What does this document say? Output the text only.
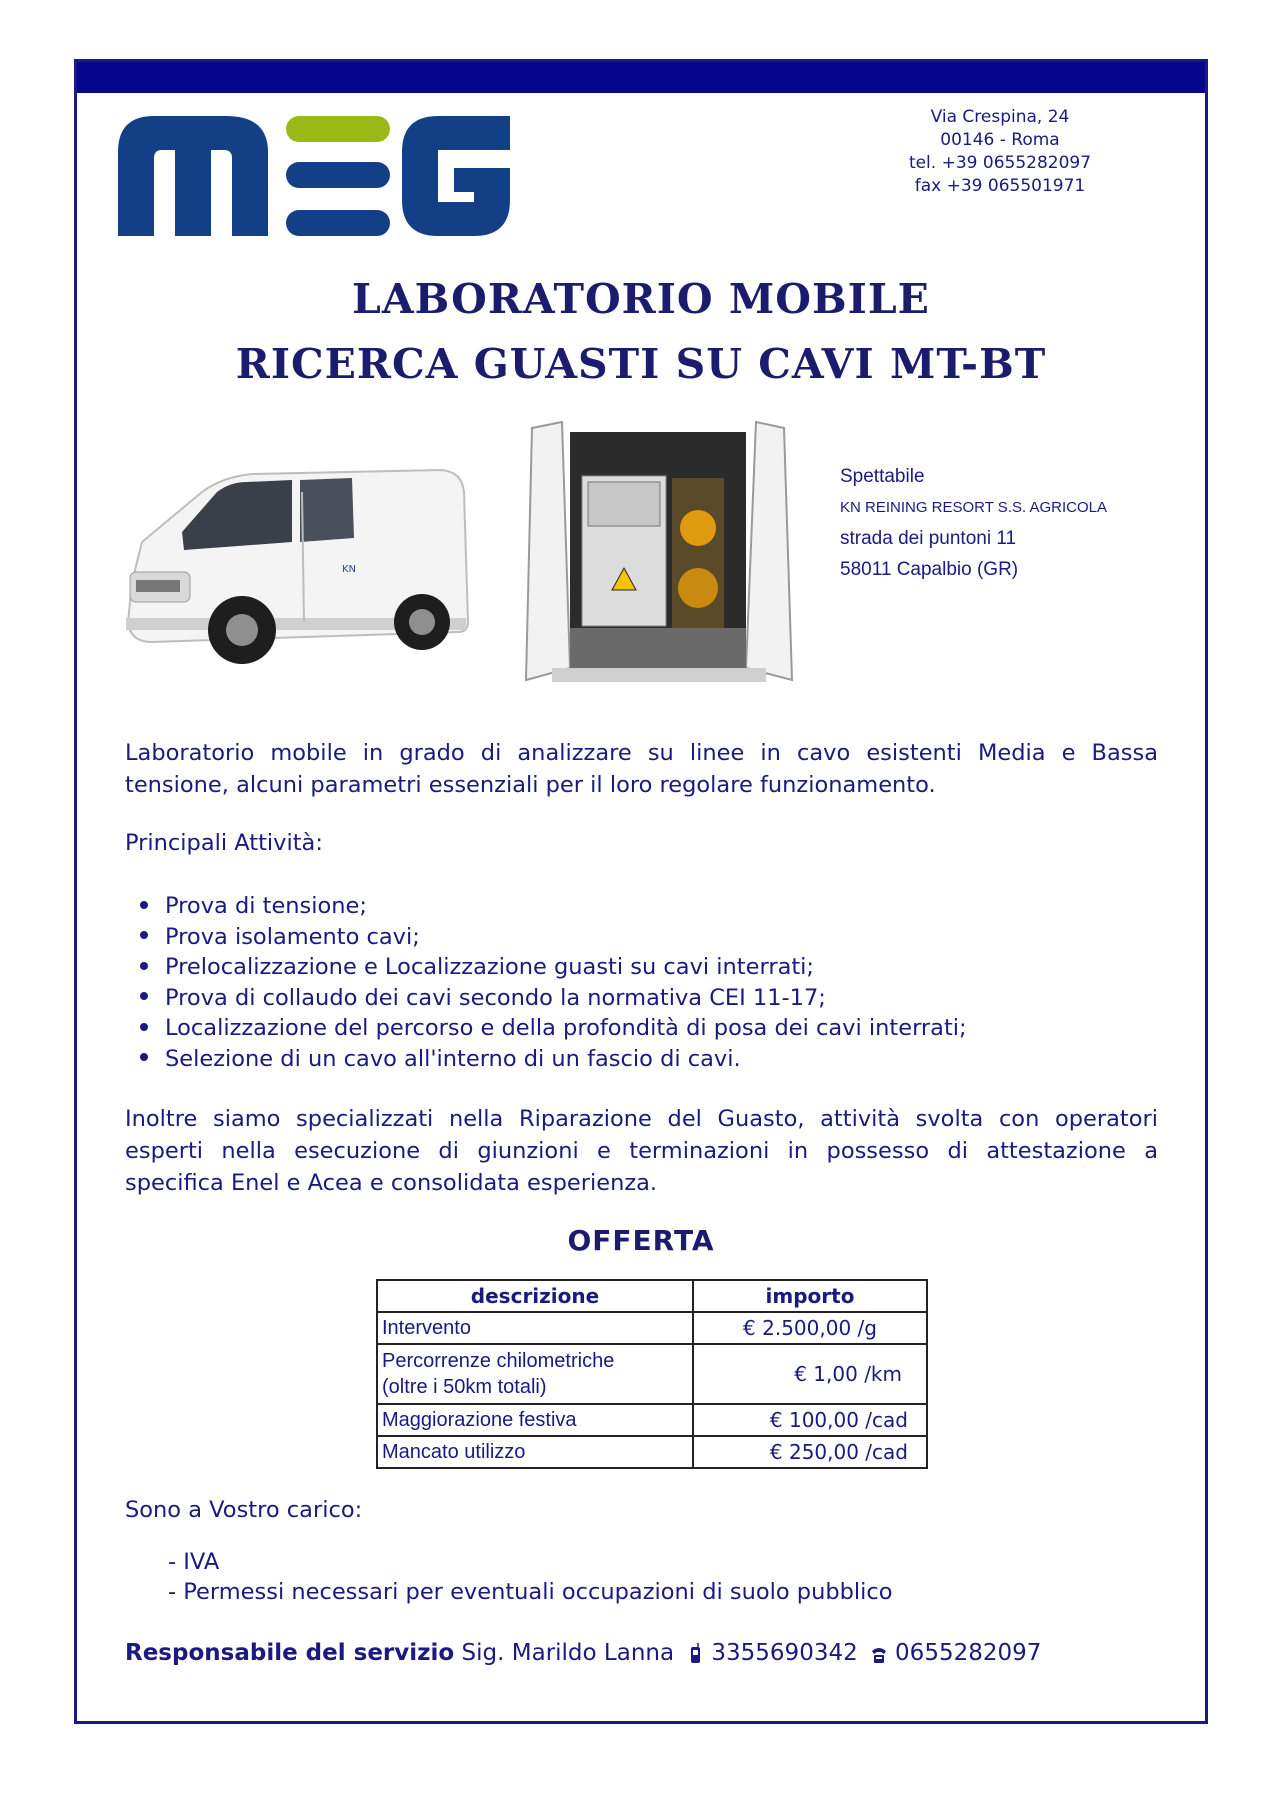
Via Crespina, 24
00146 - Roma
tel. +39 0655282097
fax +39 065501971
LABORATORIO MOBILE
RICERCA GUASTI SU CAVI MT-BT
KN
Spettabile
KN REINING RESORT S.S. AGRICOLA
strada dei puntoni 11
58011 Capalbio (GR)
Laboratorio mobile in grado di analizzare su linee in cavo esistenti Media e Bassa
tensione, alcuni parametri essenziali per il loro regolare funzionamento.
Principali Attività:
Prova di tensione;
Prova isolamento cavi;
Prelocalizzazione e Localizzazione guasti su cavi interrati;
Prova di collaudo dei cavi secondo la normativa CEI 11-17;
Localizzazione del percorso e della profondità di posa dei cavi interrati;
Selezione di un cavo all'interno di un fascio di cavi.
Inoltre siamo specializzati nella Riparazione del Guasto, attività svolta con operatori
esperti nella esecuzione di giunzioni e terminazioni in possesso di attestazione a
specifica Enel e Acea e consolidata esperienza.
OFFERTA
descrizione	importo
Intervento	€ 2.500,00 /g

Percorrenze chilometriche
(oltre i 50km totali)	€ 1,00 /km
Maggiorazione festiva	€ 100,00 /cad
Mancato utilizzo	€ 250,00 /cad
Sono a Vostro carico:
- IVA
- Permessi necessari per eventuali occupazioni di suolo pubblico
Responsabile del servizio Sig. Marildo Lanna 3355690342 0655282097
